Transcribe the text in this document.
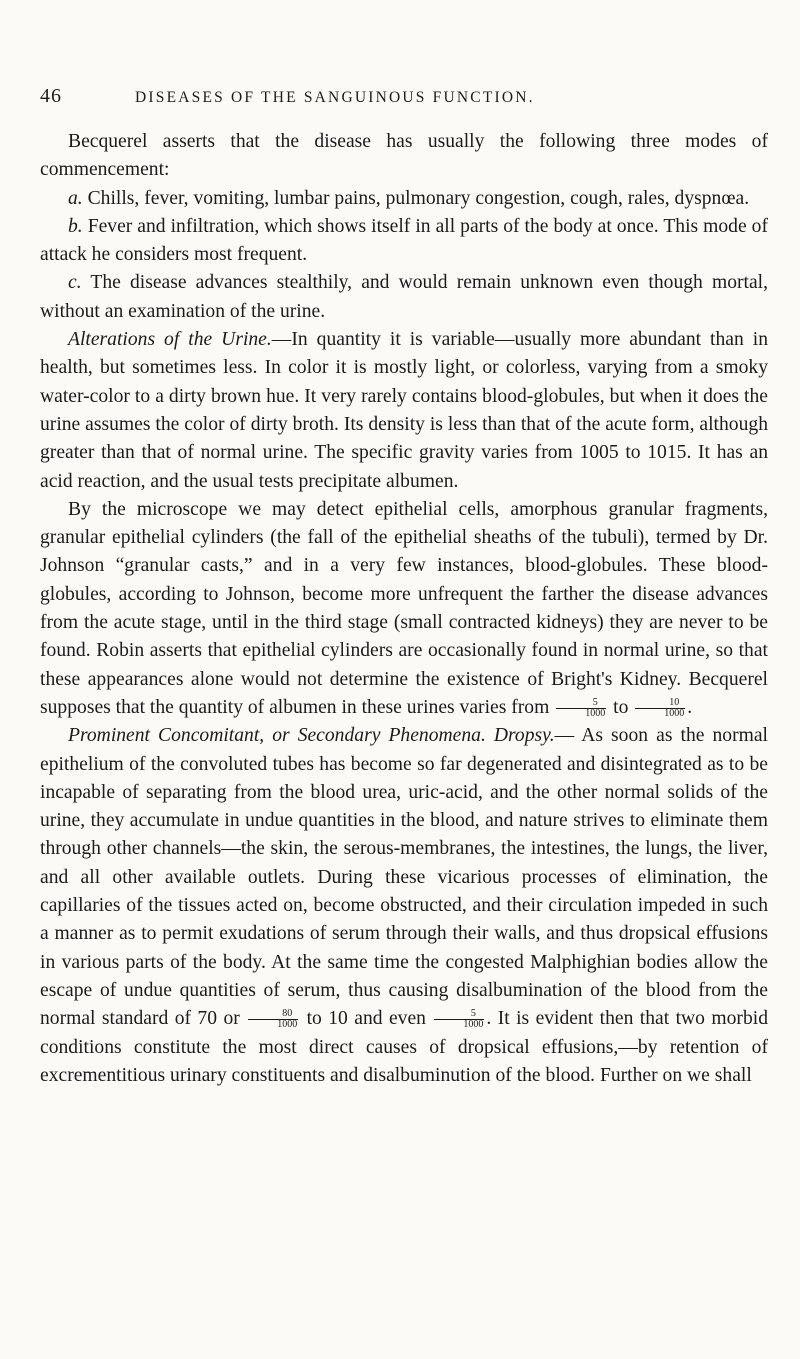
46	DISEASES OF THE SANGUINOUS FUNCTION.

Becquerel asserts that the disease has usually the following three modes of commencement:

a. Chills, fever, vomiting, lumbar pains, pulmonary congestion, cough, rales, dyspnœa.

b. Fever and infiltration, which shows itself in all parts of the body at once. This mode of attack he considers most frequent.

c. The disease advances stealthily, and would remain unknown even though mortal, without an examination of the urine.

Alterations of the Urine.—In quantity it is variable—usually more abundant than in health, but sometimes less. In color it is mostly light, or colorless, varying from a smoky water-color to a dirty brown hue. It very rarely contains blood-globules, but when it does the urine assumes the color of dirty broth. Its density is less than that of the acute form, although greater than that of normal urine. The specific gravity varies from 1005 to 1015. It has an acid reaction, and the usual tests precipitate albumen.

By the microscope we may detect epithelial cells, amorphous granular fragments, granular epithelial cylinders (the fall of the epithelial sheaths of the tubuli), termed by Dr. Johnson “granular casts,” and in a very few instances, blood-globules. These blood-globules, according to Johnson, become more unfrequent the farther the disease advances from the acute stage, until in the third stage (small contracted kidneys) they are never to be found. Robin asserts that epithelial cylinders are occasionally found in normal urine, so that these appearances alone would not determine the existence of Bright's Kidney. Becquerel supposes that the quantity of albumen in these urines varies from $\frac{5}{1000}$ to $\frac{10}{1000}$ .

Prominent Concomitant, or Secondary Phenomena. Dropsy.— As soon as the normal epithelium of the convoluted tubes has become so far degenerated and disintegrated as to be incapable of separating from the blood urea, uric-acid, and the other normal solids of the urine, they accumulate in undue quantities in the blood, and nature strives to eliminate them through other channels—the skin, the serous-membranes, the intestines, the lungs, the liver, and all other available outlets. During these vicarious processes of elimination, the capillaries of the tissues acted on, become obstructed, and their circulation impeded in such a manner as to permit exudations of serum through their walls, and thus dropsical effusions in various parts of the body. At the same time the congested Malphighian bodies allow the escape of undue quantities of serum, thus causing disalbumination of the blood from the normal standard of 70 or $\frac{80}{1000}$ to 10 and even $\frac{5}{1000}$ . It is evident then that two morbid conditions constitute the most direct causes of dropsical effusions,—by retention of excrementitious urinary constituents and disalbuminution of the blood. Further on we shall
